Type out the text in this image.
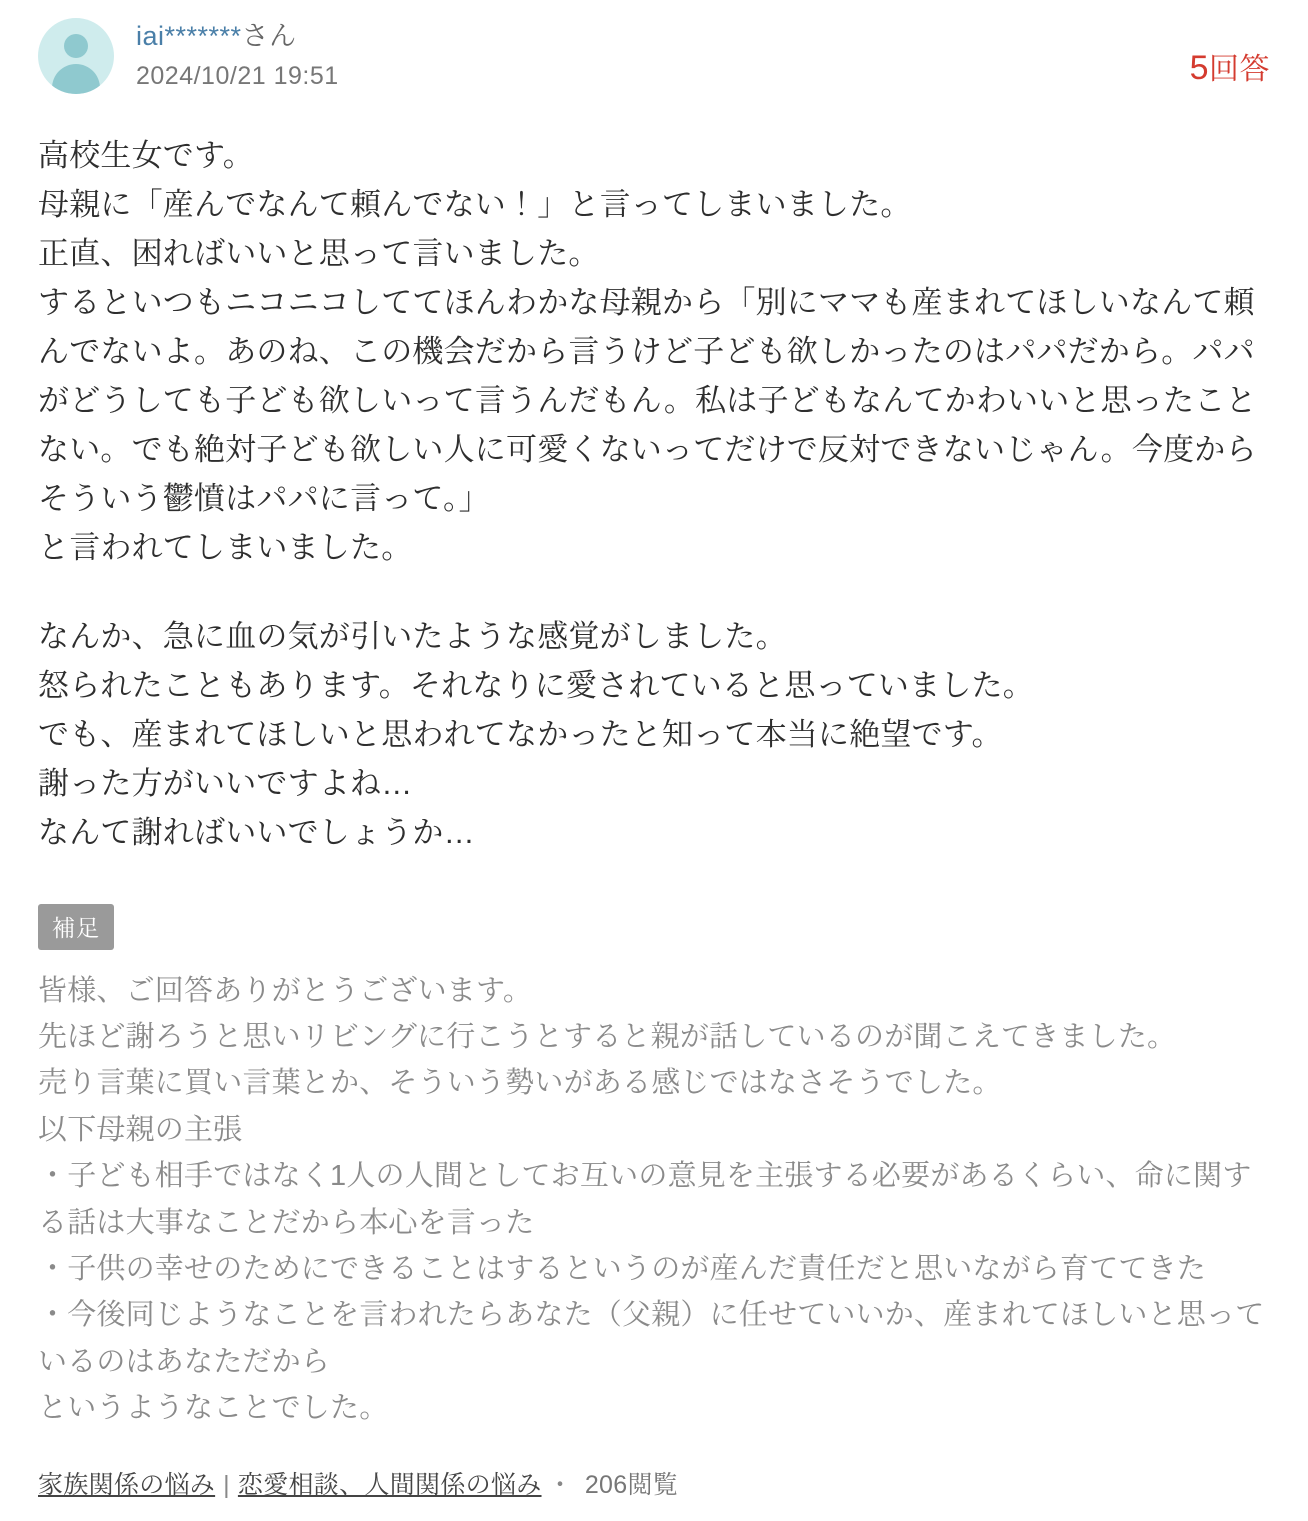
iai*******さん
2024/10/21 19:51	5回答

高校生女です。

母親に「産んでなんて頼んでない！」と言ってしまいました。

正直、困ればいいと思って言いました。

するといつもニコニコしててほんわかな母親から「別にママも産まれてほしいなんて頼んでないよ。あのね、この機会だから言うけど子ども欲しかったのはパパだから。パパがどうしても子ども欲しいって言うんだもん。私は子どもなんてかわいいと思ったことない。でも絶対子ども欲しい人に可愛くないってだけで反対できないじゃん。今度からそういう鬱憤はパパに言って。」

と言われてしまいました。

なんか、急に血の気が引いたような感覚がしました。

怒られたこともあります。それなりに愛されていると思っていました。

でも、産まれてほしいと思われてなかったと知って本当に絶望です。

謝った方がいいですよね…

なんて謝ればいいでしょうか…

補足

皆様、ご回答ありがとうございます。

先ほど謝ろうと思いリビングに行こうとすると親が話しているのが聞こえてきました。

売り言葉に買い言葉とか、そういう勢いがある感じではなさそうでした。

以下母親の主張

・子ども相手ではなく1人の人間としてお互いの意見を主張する必要があるくらい、命に関する話は大事なことだから本心を言った

・子供の幸せのためにできることはするというのが産んだ責任だと思いながら育ててきた

・今後同じようなことを言われたらあなた（父親）に任せていいか、産まれてほしいと思っているのはあなただから

というようなことでした。

家族関係の悩み | 恋愛相談、人間関係の悩み ・ 206閲覧
